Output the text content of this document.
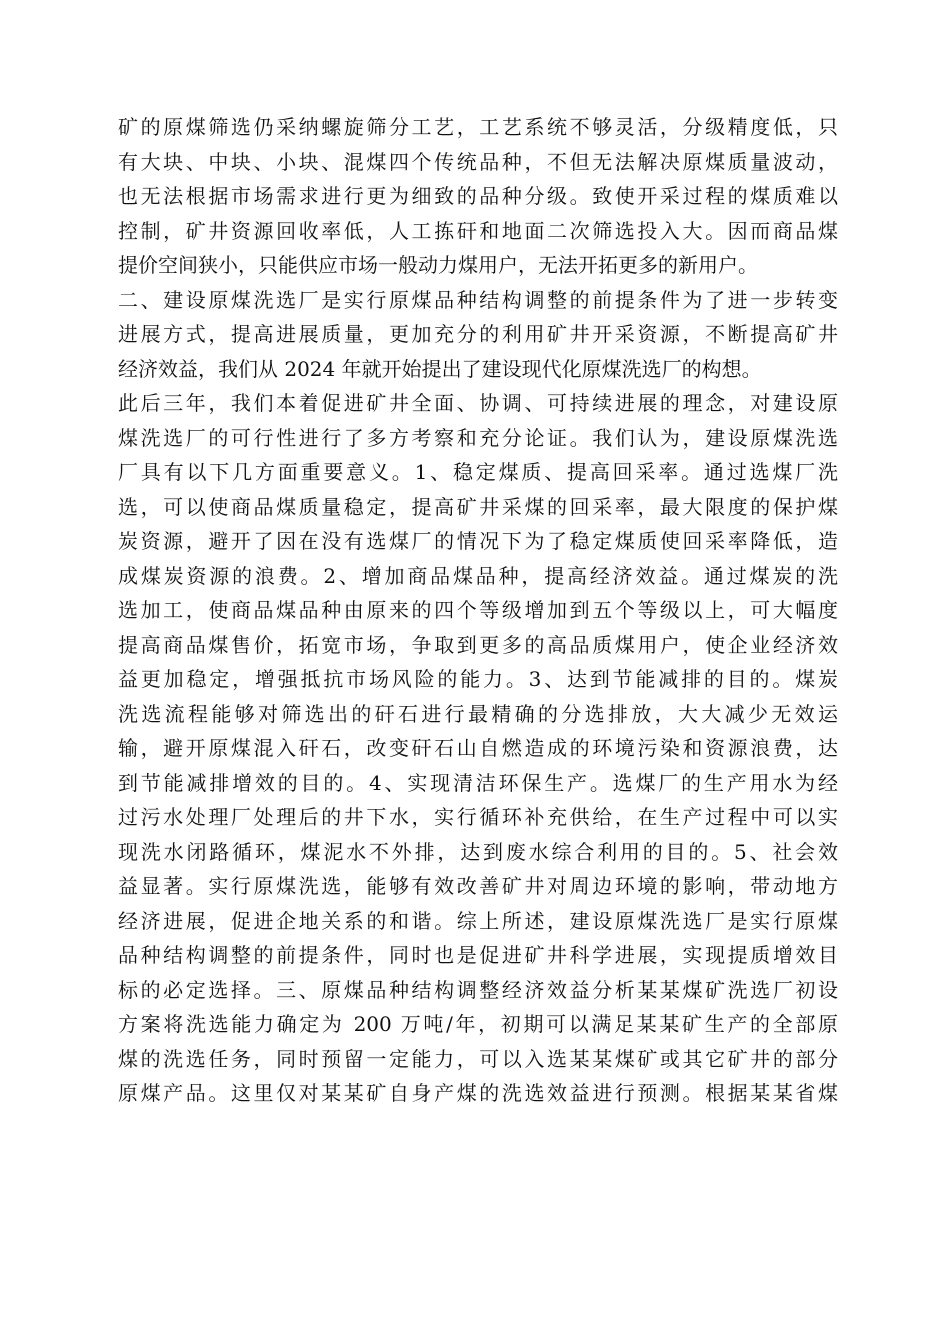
矿的原煤筛选仍采纳螺旋筛分工艺，工艺系统不够灵活，分级精度低，只
有大块、中块、小块、混煤四个传统品种，不但无法解决原煤质量波动，
也无法根据市场需求进行更为细致的品种分级。致使开采过程的煤质难以
控制，矿井资源回收率低，人工拣矸和地面二次筛选投入大。因而商品煤
提价空间狭小，只能供应市场一般动力煤用户，无法开拓更多的新用户。
二、建设原煤洗选厂是实行原煤品种结构调整的前提条件为了进一步转变
进展方式，提高进展质量，更加充分的利用矿井开采资源，不断提高矿井
经济效益，我们从 2024 年就开始提出了建设现代化原煤洗选厂的构想。
此后三年，我们本着促进矿井全面、协调、可持续进展的理念，对建设原
煤洗选厂的可行性进行了多方考察和充分论证。我们认为，建设原煤洗选
厂具有以下几方面重要意义。1、稳定煤质、提高回采率。通过选煤厂洗
选，可以使商品煤质量稳定，提高矿井采煤的回采率，最大限度的保护煤
炭资源，避开了因在没有选煤厂的情况下为了稳定煤质使回采率降低，造
成煤炭资源的浪费。2、增加商品煤品种，提高经济效益。通过煤炭的洗
选加工，使商品煤品种由原来的四个等级增加到五个等级以上，可大幅度
提高商品煤售价，拓宽市场，争取到更多的高品质煤用户，使企业经济效
益更加稳定，增强抵抗市场风险的能力。3、达到节能减排的目的。煤炭
洗选流程能够对筛选出的矸石进行最精确的分选排放，大大减少无效运
输，避开原煤混入矸石，改变矸石山自燃造成的环境污染和资源浪费，达
到节能减排增效的目的。4、实现清洁环保生产。选煤厂的生产用水为经
过污水处理厂处理后的井下水，实行循环补充供给，在生产过程中可以实
现洗水闭路循环，煤泥水不外排，达到废水综合利用的目的。5、社会效
益显著。实行原煤洗选，能够有效改善矿井对周边环境的影响，带动地方
经济进展，促进企地关系的和谐。综上所述，建设原煤洗选厂是实行原煤
品种结构调整的前提条件，同时也是促进矿井科学进展，实现提质增效目
标的必定选择。三、原煤品种结构调整经济效益分析某某煤矿洗选厂初设
方案将洗选能力确定为 200 万吨/年，初期可以满足某某矿生产的全部原
煤的洗选任务，同时预留一定能力，可以入选某某煤矿或其它矿井的部分
原煤产品。这里仅对某某矿自身产煤的洗选效益进行预测。根据某某省煤
